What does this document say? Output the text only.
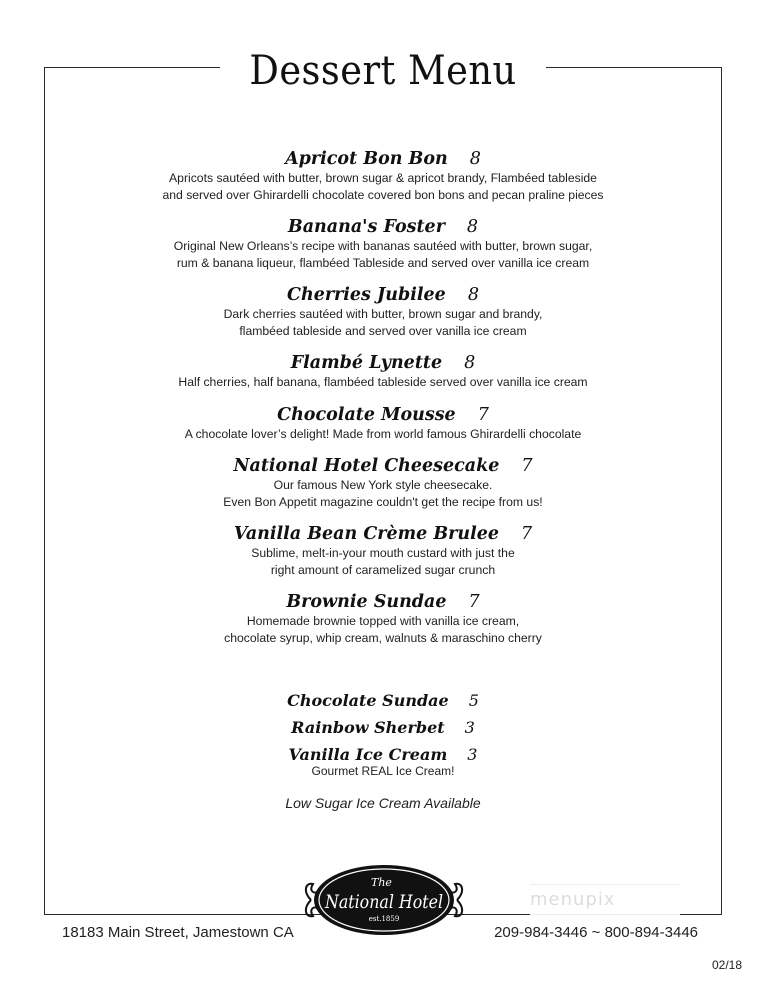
Dessert Menu
Apricot Bon Bon 8
Apricots sautéed with butter, brown sugar & apricot brandy, Flambéed tableside
and served over Ghirardelli chocolate covered bon bons and pecan praline pieces
Banana's Foster 8
Original New Orleans’s recipe with bananas sautéed with butter, brown sugar,
rum & banana liqueur, flambéed Tableside and served over vanilla ice cream
Cherries Jubilee 8
Dark cherries sautéed with butter, brown sugar and brandy,
flambéed tableside and served over vanilla ice cream
Flambé Lynette 8
Half cherries, half banana, flambéed tableside served over vanilla ice cream
Chocolate Mousse 7
A chocolate lover’s delight! Made from world famous Ghirardelli chocolate
National Hotel Cheesecake 7
Our famous New York style cheesecake.
Even Bon Appetit magazine couldn't get the recipe from us!
Vanilla Bean Crème Brulee 7
Sublime, melt-in-your mouth custard with just the
right amount of caramelized sugar crunch
Brownie Sundae 7
Homemade brownie topped with vanilla ice cream,
chocolate syrup, whip cream, walnuts & maraschino cherry
Chocolate Sundae 5
Rainbow Sherbet 3
Vanilla Ice Cream 3
Gourmet REAL Ice Cream!
Low Sugar Ice Cream Available
The
National Hotel
est.1859
menupix
18183 Main Street, Jamestown CA	209-984-3446 ~ 800-894-3446
02/18
